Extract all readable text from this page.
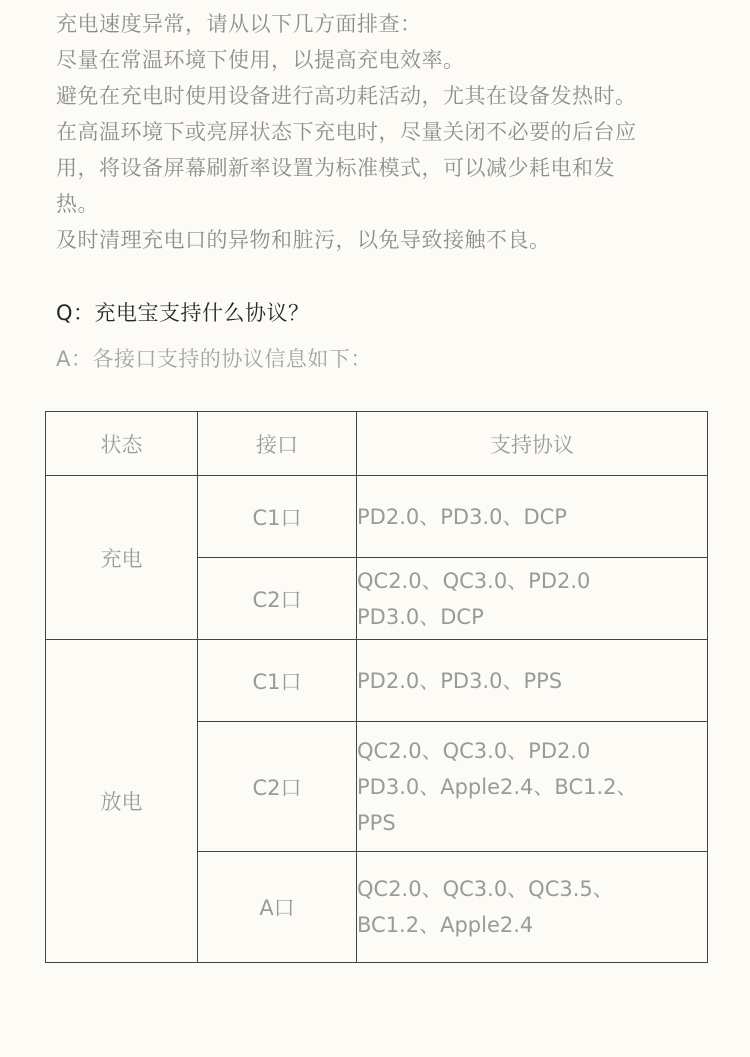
充电速度异常，请从以下几方面排查：

尽量在常温环境下使用，以提高充电效率。

避免在充电时使用设备进行高功耗活动，尤其在设备发热时。

在高温环境下或亮屏状态下充电时，尽量关闭不必要的后台应

用，将设备屏幕刷新率设置为标准模式，可以减少耗电和发

热。

及时清理充电口的异物和脏污，以免导致接触不良。

Q：充电宝支持什么协议？
A：各接口支持的协议信息如下：
状态	接口	支持协议
充电	C1口	PD2.0、PD3.0、DCP

	C2口	QC2.0、QC3.0、PD2.0
PD3.0、DCP

放电	C1口	PD2.0、PD3.0、PPS

	C2口	QC2.0、QC3.0、PD2.0
PD3.0、Apple2.4、BC1.2、
PPS

	A口	QC2.0、QC3.0、QC3.5、
BC1.2、Apple2.4
